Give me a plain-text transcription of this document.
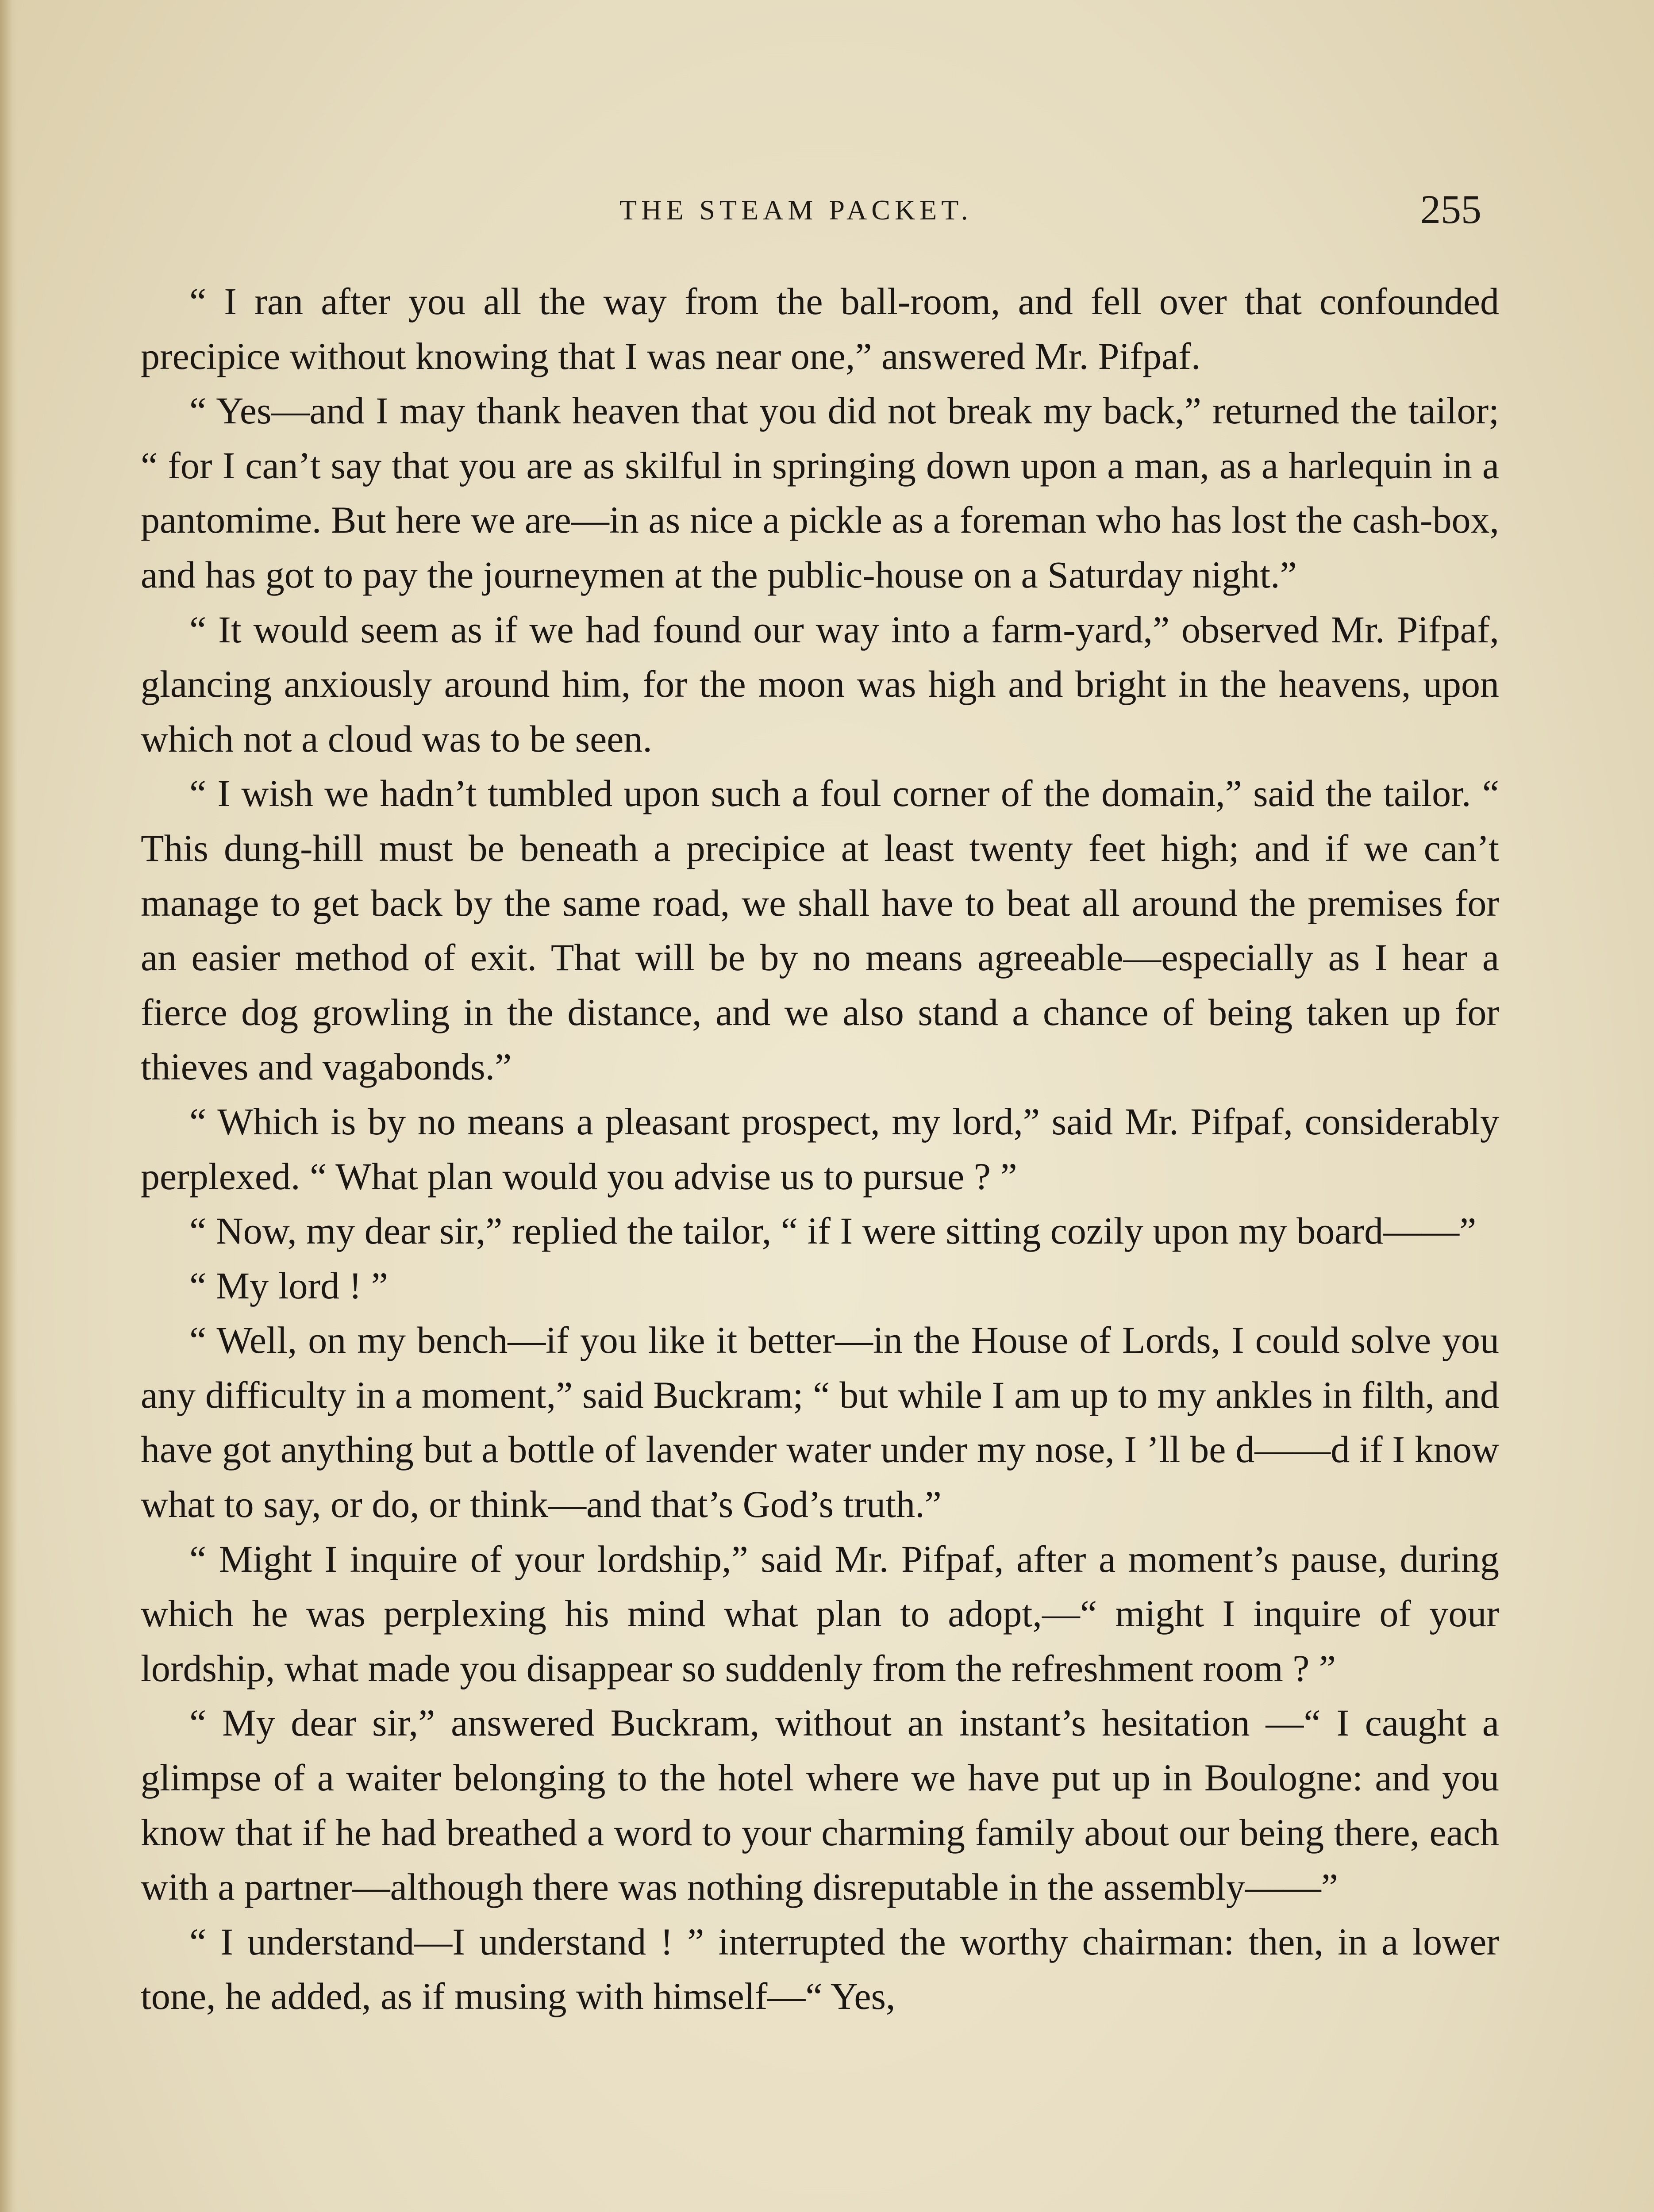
THE STEAM PACKET.	255

“ I ran after you all the way from the ball-room, and fell over that confounded precipice without knowing that I was near one,” answered Mr. Pifpaf.

“ Yes—and I may thank heaven that you did not break my back,” returned the tailor; “ for I can’t say that you are as skilful in springing down upon a man, as a harlequin in a pantomime. But here we are—in as nice a pickle as a foreman who has lost the cash-box, and has got to pay the journeymen at the public-house on a Saturday night.”

“ It would seem as if we had found our way into a farm-yard,” observed Mr. Pifpaf, glancing anxiously around him, for the moon was high and bright in the heavens, upon which not a cloud was to be seen.

“ I wish we hadn’t tumbled upon such a foul corner of the domain,” said the tailor. “ This dung-hill must be beneath a precipice at least twenty feet high; and if we can’t manage to get back by the same road, we shall have to beat all around the premises for an easier method of exit. That will be by no means agreeable—especially as I hear a fierce dog growling in the distance, and we also stand a chance of being taken up for thieves and vagabonds.”

“ Which is by no means a pleasant prospect, my lord,” said Mr. Pifpaf, considerably perplexed. “ What plan would you advise us to pursue ? ”

“ Now, my dear sir,” replied the tailor, “ if I were sitting cozily upon my board——”

“ My lord ! ”

“ Well, on my bench—if you like it better—in the House of Lords, I could solve you any difficulty in a moment,” said Buckram; “ but while I am up to my ankles in filth, and have got anything but a bottle of lavender water under my nose, I ’ll be d——d if I know what to say, or do, or think—and that’s God’s truth.”

“ Might I inquire of your lordship,” said Mr. Pifpaf, after a moment’s pause, during which he was perplexing his mind what plan to adopt,—“ might I inquire of your lordship, what made you disappear so suddenly from the refreshment room ? ”

“ My dear sir,” answered Buckram, without an instant’s hesitation —“ I caught a glimpse of a waiter belonging to the hotel where we have put up in Boulogne: and you know that if he had breathed a word to your charming family about our being there, each with a partner—although there was nothing disreputable in the assembly——”

“ I understand—I understand ! ” interrupted the worthy chairman: then, in a lower tone, he added, as if musing with himself—“ Yes,
